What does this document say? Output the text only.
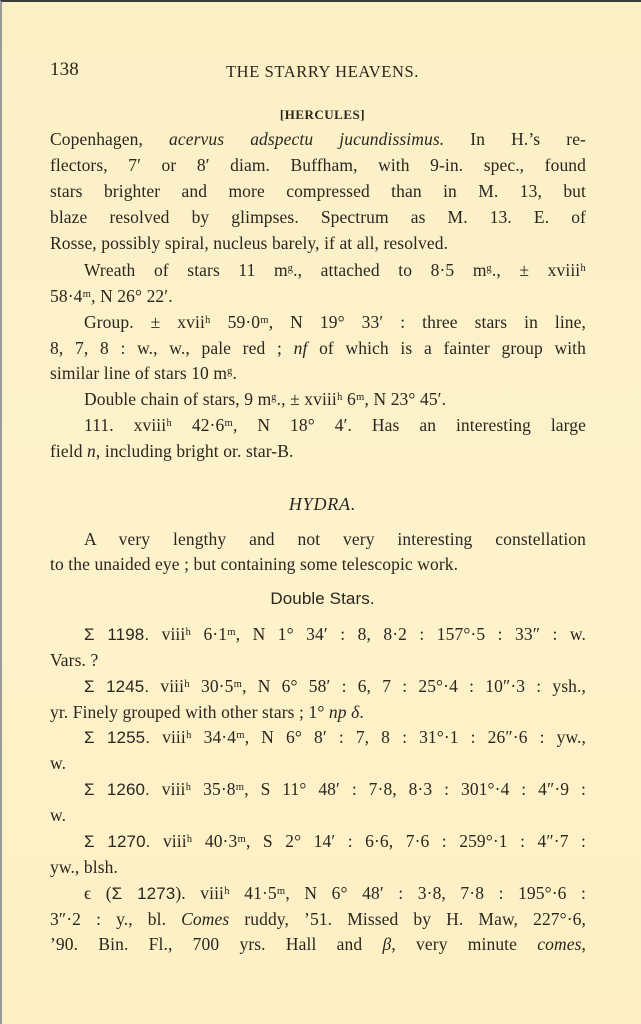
138	THE STARRY HEAVENS.
[HERCULES]
Copenhagen, acervus adspectu jucundissimus. In H.’s re-
flectors, 7′ or 8′ diam. Buffham, with 9-in. spec., found
stars brighter and more compressed than in M. 13, but
blaze resolved by glimpses. Spectrum as M. 13. E. of
Rosse, possibly spiral, nucleus barely, if at all, resolved.
Wreath of stars 11 mᵍ., attached to 8·5 mᵍ., ± xviiiʰ
58·4ᵐ, N 26° 22′.
Group. ± xviiʰ 59·0ᵐ, N 19° 33′ : three stars in line,
8, 7, 8 : w., w., pale red ; nf of which is a fainter group with
similar line of stars 10 mᵍ.
Double chain of stars, 9 mᵍ., ± xviiiʰ 6ᵐ, N 23° 45′.
111. xviiiʰ 42·6ᵐ, N 18° 4′. Has an interesting large
field n, including bright or. star-B.
HYDRA.
A very lengthy and not very interesting constellation
to the unaided eye ; but containing some telescopic work.
Double Stars.
Σ 1198. viiiʰ 6·1ᵐ, N 1° 34′ : 8, 8·2 : 157°·5 : 33″ : w.
Vars. ?
Σ 1245. viiiʰ 30·5ᵐ, N 6° 58′ : 6, 7 : 25°·4 : 10″·3 : ysh.,
yr. Finely grouped with other stars ; 1° np δ.
Σ 1255. viiiʰ 34·4ᵐ, N 6° 8′ : 7, 8 : 31°·1 : 26″·6 : yw.,
w.
Σ 1260. viiiʰ 35·8ᵐ, S 11° 48′ : 7·8, 8·3 : 301°·4 : 4″·9 :
w.
Σ 1270. viiiʰ 40·3ᵐ, S 2° 14′ : 6·6, 7·6 : 259°·1 : 4″·7 :
yw., blsh.
ϵ (Σ 1273). viiiʰ 41·5ᵐ, N 6° 48′ : 3·8, 7·8 : 195°·6 :
3″·2 : y., bl. Comes ruddy, ’51. Missed by H. Maw, 227°·6,
’90. Bin. Fl., 700 yrs. Hall and β, very minute comes,
